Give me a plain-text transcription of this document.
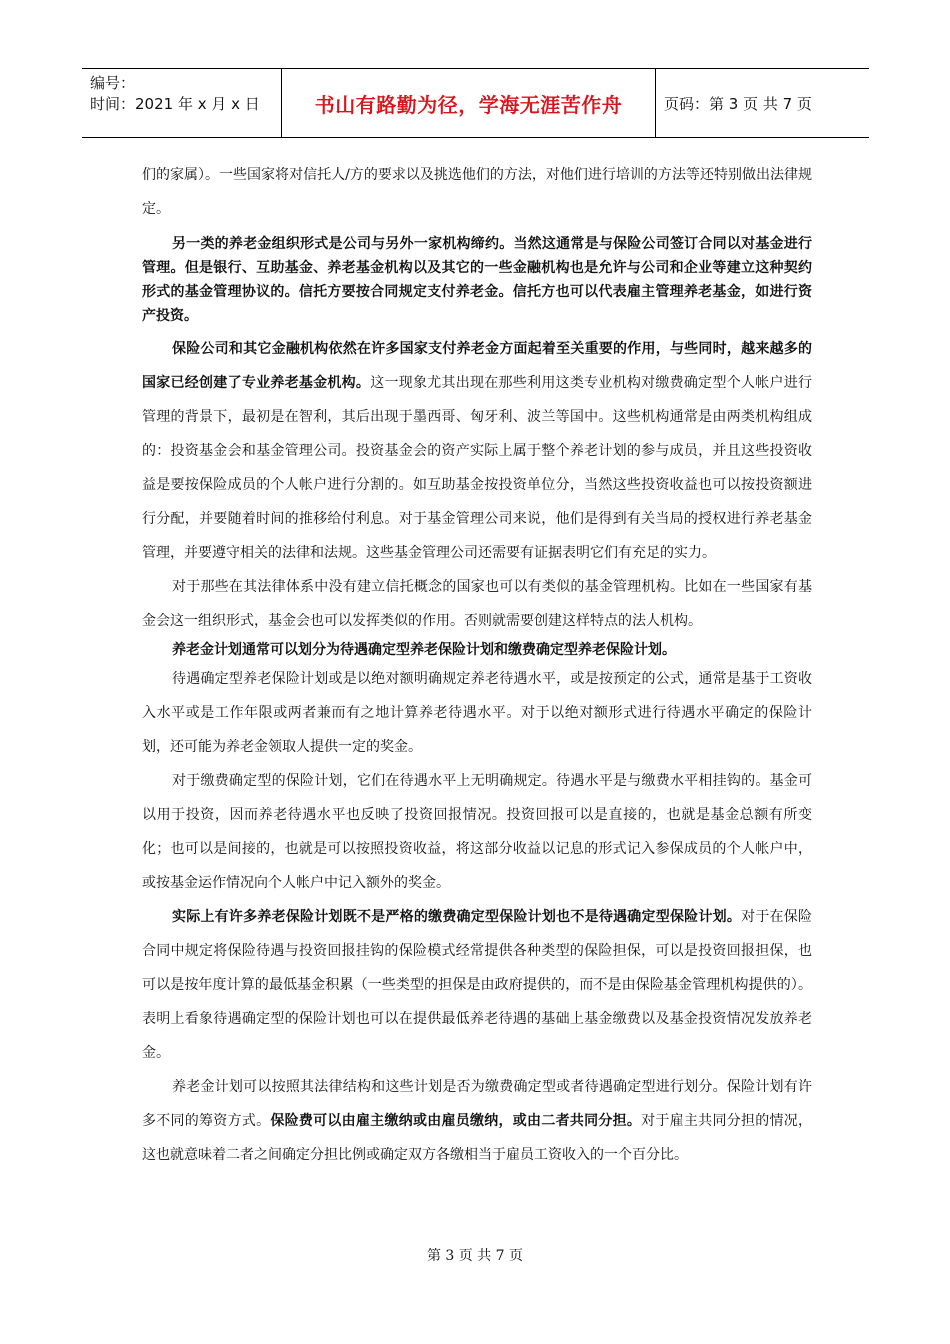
编号：
时间：2021 年 x 月 x 日	书山有路勤为径，学海无涯苦作舟	页码：第 3 页 共 7 页

们的家属）。一些国家将对信托人/方的要求以及挑选他们的方法，对他们进行培训的方法等还特别做出法律规定。

另一类的养老金组织形式是公司与另外一家机构缔约。当然这通常是与保险公司签订合同以对基金进行管理。但是银行、互助基金、养老基金机构以及其它的一些金融机构也是允许与公司和企业等建立这种契约形式的基金管理协议的。信托方要按合同规定支付养老金。信托方也可以代表雇主管理养老基金，如进行资产投资。

保险公司和其它金融机构依然在许多国家支付养老金方面起着至关重要的作用，与些同时，越来越多的国家已经创建了专业养老基金机构。这一现象尤其出现在那些利用这类专业机构对缴费确定型个人帐户进行管理的背景下，最初是在智利，其后出现于墨西哥、匈牙利、波兰等国中。这些机构通常是由两类机构组成的：投资基金会和基金管理公司。投资基金会的资产实际上属于整个养老计划的参与成员，并且这些投资收益是要按保险成员的个人帐户进行分割的。如互助基金按投资单位分，当然这些投资收益也可以按投资额进行分配，并要随着时间的推移给付利息。对于基金管理公司来说，他们是得到有关当局的授权进行养老基金管理，并要遵守相关的法律和法规。这些基金管理公司还需要有证据表明它们有充足的实力。

对于那些在其法律体系中没有建立信托概念的国家也可以有类似的基金管理机构。比如在一些国家有基金会这一组织形式，基金会也可以发挥类似的作用。否则就需要创建这样特点的法人机构。

养老金计划通常可以划分为待遇确定型养老保险计划和缴费确定型养老保险计划。

待遇确定型养老保险计划或是以绝对额明确规定养老待遇水平，或是按预定的公式，通常是基于工资收入水平或是工作年限或两者兼而有之地计算养老待遇水平。对于以绝对额形式进行待遇水平确定的保险计划，还可能为养老金领取人提供一定的奖金。

对于缴费确定型的保险计划，它们在待遇水平上无明确规定。待遇水平是与缴费水平相挂钩的。基金可以用于投资，因而养老待遇水平也反映了投资回报情况。投资回报可以是直接的，也就是基金总额有所变化；也可以是间接的，也就是可以按照投资收益，将这部分收益以记息的形式记入参保成员的个人帐户中，或按基金运作情况向个人帐户中记入额外的奖金。

实际上有许多养老保险计划既不是严格的缴费确定型保险计划也不是待遇确定型保险计划。对于在保险合同中规定将保险待遇与投资回报挂钩的保险模式经常提供各种类型的保险担保，可以是投资回报担保，也可以是按年度计算的最低基金积累（一些类型的担保是由政府提供的，而不是由保险基金管理机构提供的）。表明上看象待遇确定型的保险计划也可以在提供最低养老待遇的基础上基金缴费以及基金投资情况发放养老金。

养老金计划可以按照其法律结构和这些计划是否为缴费确定型或者待遇确定型进行划分。保险计划有许多不同的筹资方式。保险费可以由雇主缴纳或由雇员缴纳，或由二者共同分担。对于雇主共同分担的情况，这也就意味着二者之间确定分担比例或确定双方各缴相当于雇员工资收入的一个百分比。

第 3 页 共 7 页
